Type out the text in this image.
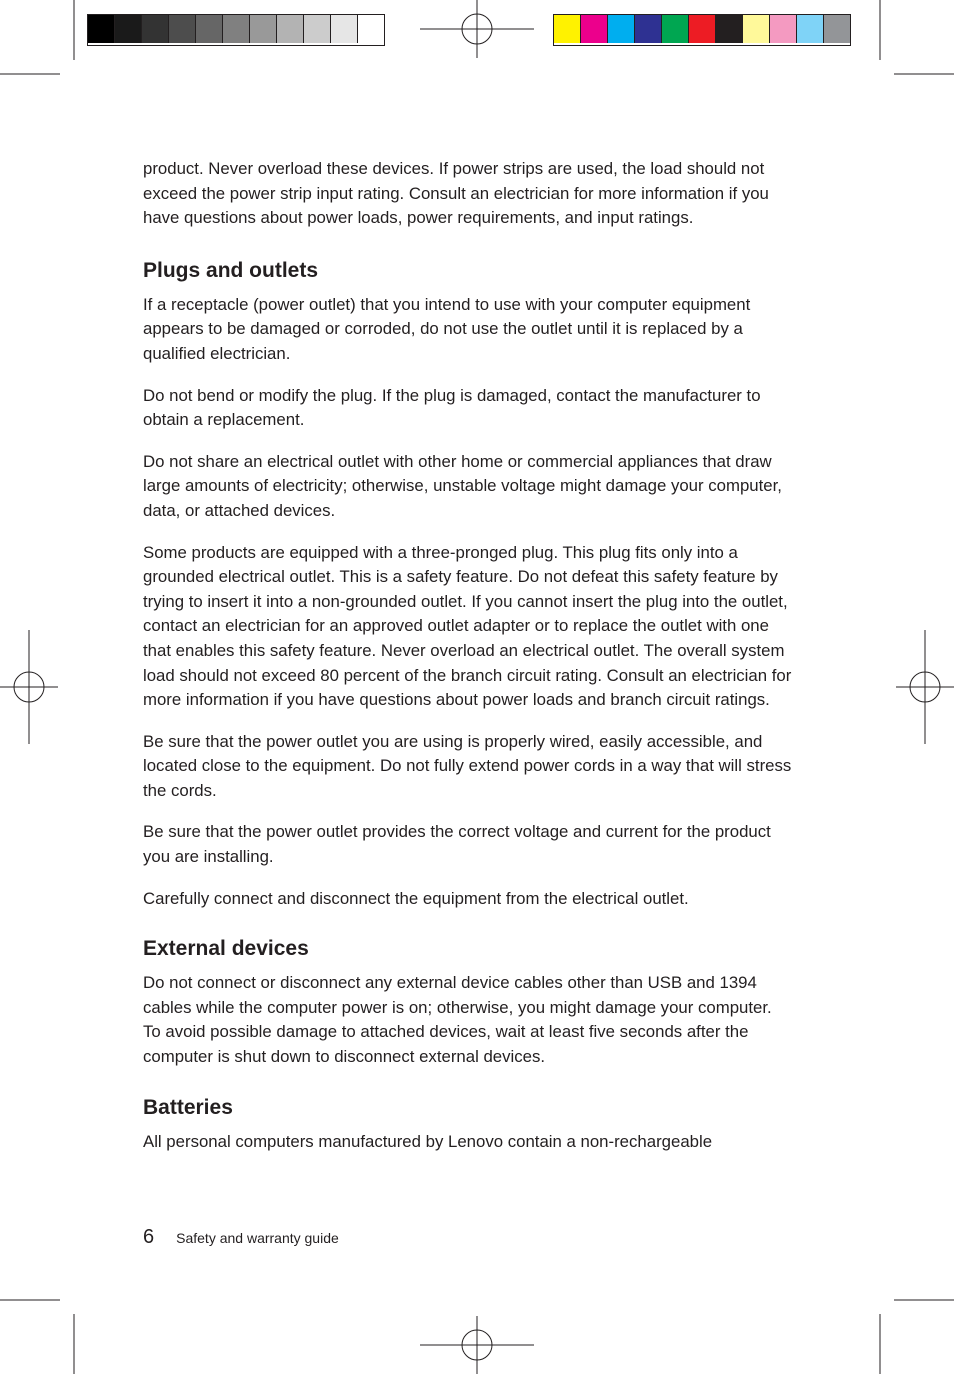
product. Never overload these devices. If power strips are used, the load should not exceed the power strip input rating. Consult an electrician for more information if you have questions about power loads, power requirements, and input ratings.

Plugs and outlets

If a receptacle (power outlet) that you intend to use with your computer equipment appears to be damaged or corroded, do not use the outlet until it is replaced by a qualified electrician.

Do not bend or modify the plug. If the plug is damaged, contact the manufacturer to obtain a replacement.

Do not share an electrical outlet with other home or commercial appliances that draw large amounts of electricity; otherwise, unstable voltage might damage your computer, data, or attached devices.

Some products are equipped with a three-pronged plug. This plug fits only into a grounded electrical outlet. This is a safety feature. Do not defeat this safety feature by trying to insert it into a non-grounded outlet. If you cannot insert the plug into the outlet, contact an electrician for an approved outlet adapter or to replace the outlet with one that enables this safety feature. Never overload an electrical outlet. The overall system load should not exceed 80 percent of the branch circuit rating. Consult an electrician for more information if you have questions about power loads and branch circuit ratings.

Be sure that the power outlet you are using is properly wired, easily accessible, and located close to the equipment. Do not fully extend power cords in a way that will stress the cords.

Be sure that the power outlet provides the correct voltage and current for the product you are installing.

Carefully connect and disconnect the equipment from the electrical outlet.

External devices

Do not connect or disconnect any external device cables other than USB and 1394 cables while the computer power is on; otherwise, you might damage your computer. To avoid possible damage to attached devices, wait at least five seconds after the computer is shut down to disconnect external devices.

Batteries

All personal computers manufactured by Lenovo contain a non-rechargeable

6 Safety and warranty guide
